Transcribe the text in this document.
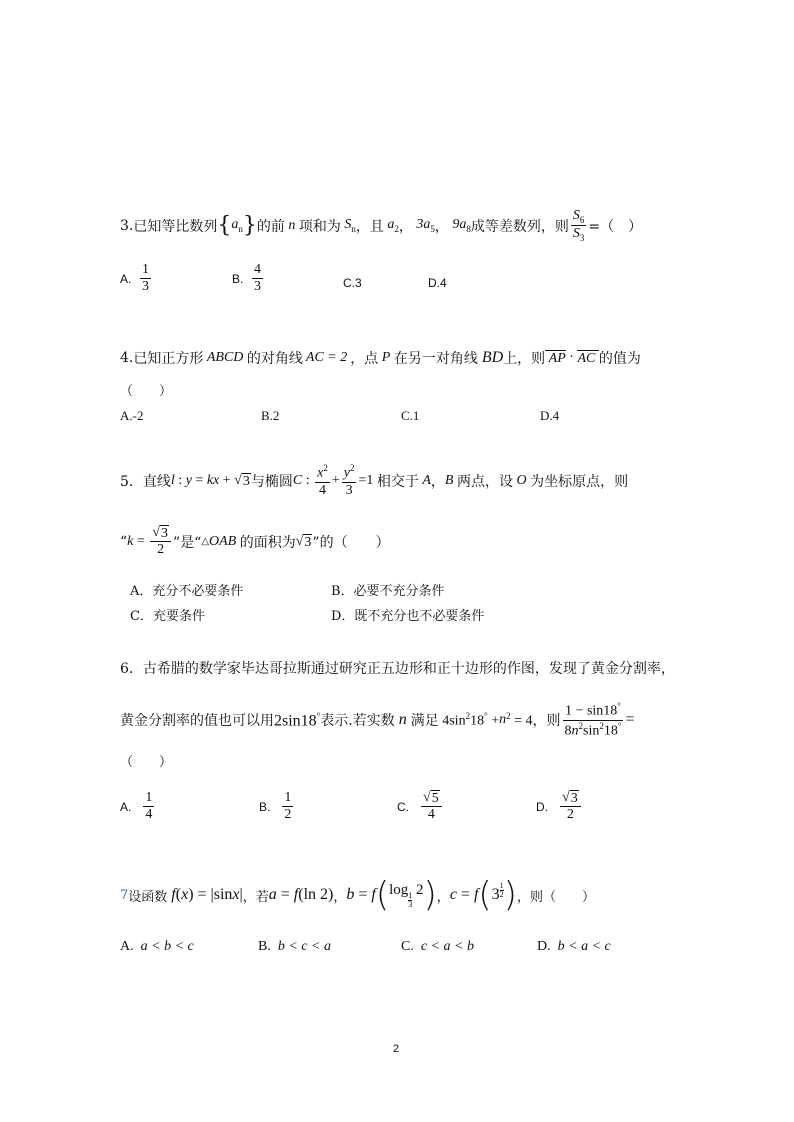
3. 已知等比数列 { $a_n$ } 的前 n 项和为 $S_n$ ，且 $a_2$ ， $3a_5$ ， $9a_8$ 成等差数列，则 $\frac{S_6}{S_3}$ =（　）
A.
$\frac{1}{3}$	B.
$\frac{4}{3}$	C.3	D.4
4. 已知正方形 ABCD 的对角线 AC = 2 ，点 P 在另一对角线 BD 上，则 AP · AC 的值为
（　　）
A.-2	B.2	C.1	D.4
5．直线 l : y = kx + √ 3 与椭圆 C : $\frac{x^2}{4} + \frac{y^2}{3} =1$ 相交于 A ， B 两点，设 O 为坐标原点，则
“ $k = \frac{√ 3}{2}$ ”是“ △ OAB 的面积为 √ 3 ”的（　　）
A．充分不必要条件	B．必要不充分条件
C．充要条件	D．既不充分也不必要条件
6． 古希腊的数学家毕达哥拉斯通过研究正五边形和正十边形的作图，发现了黄金分割率，
黄金分割率的值也可以用 2sin18° 表示.若实数 n 满足 $4\sin^218^\circ + n$ $^2$ = 4 ，则 $\frac{1 - \sin 18^\circ}{8n^2\sin^218^\circ}$ =
（　　）
A.
$\frac{1}{4}$	B.
$\frac{1}{2}$	C.
$\frac{√ 5}{4}$	D.
$\frac{√ 3}{2}$
7 设函数 f ( x ) = |sin x | ，若 a = f (ln 2) ， b = f ( log 1
3
2 ) ， c = f ( 3
1
2 ) ，则（　　）
A.
a < b < c	B.
b < c < a	C.
c < a < b	D.
b < a < c
2
